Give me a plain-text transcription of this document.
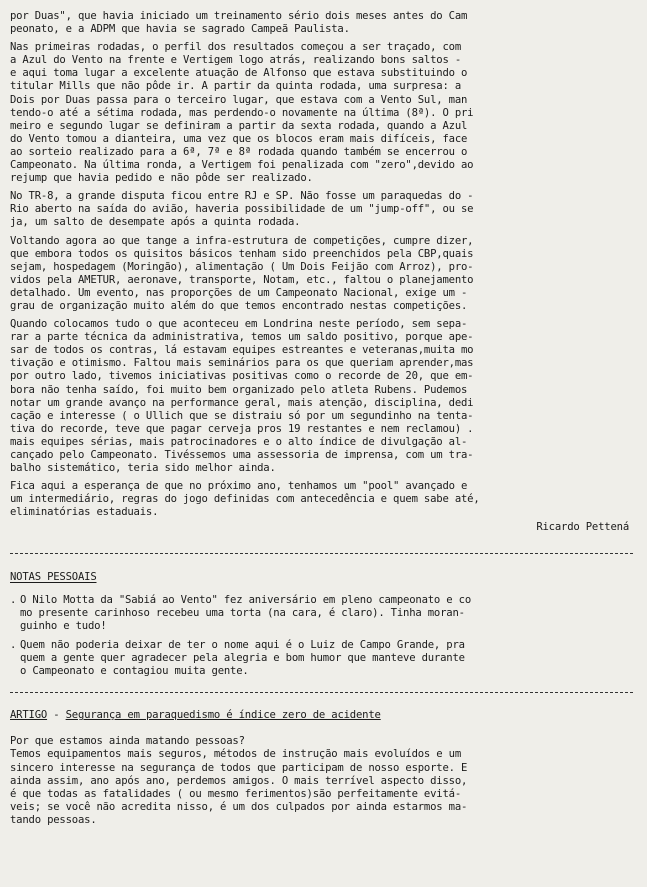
por Duas", que havia iniciado um treinamento sério dois meses antes do Cam
peonato, e a ADPM que havia se sagrado Campeã Paulista.

Nas primeiras rodadas, o perfil dos resultados começou a ser traçado, com
a Azul do Vento na frente e Vertigem logo atrás, realizando bons saltos -
e aqui toma lugar a excelente atuação de Alfonso que estava substituindo o
titular Mills que não pôde ir. A partir da quinta rodada, uma surpresa: a
Dois por Duas passa para o terceiro lugar, que estava com a Vento Sul, man
tendo-o até a sétima rodada, mas perdendo-o novamente na última (8ª). O pri
meiro e segundo lugar se definiram a partir da sexta rodada, quando a Azul
do Vento tomou a dianteira, uma vez que os blocos eram mais difíceis, face
ao sorteio realizado para a 6ª, 7ª e 8ª rodada quando também se encerrou o
Campeonato. Na última ronda, a Vertigem foi penalizada com "zero",devido ao
rejump que havia pedido e não pôde ser realizado.

No TR-8, a grande disputa ficou entre RJ e SP. Não fosse um paraquedas do -
Rio aberto na saída do avião, haveria possibilidade de um "jump-off", ou se
ja, um salto de desempate após a quinta rodada.

Voltando agora ao que tange a infra-estrutura de competições, cumpre dizer,
que embora todos os quisitos básicos tenham sido preenchidos pela CBP,quais
sejam, hospedagem (Moringão), alimentação ( Um Dois Feijão com Arroz), pro-
vidos pela AMETUR, aeronave, transporte, Notam, etc., faltou o planejamento
detalhado. Um evento, nas proporções de um Campeonato Nacional, exige um -
grau de organização muito além do que temos encontrado nestas competições.

Quando colocamos tudo o que aconteceu em Londrina neste período, sem sepa-
rar a parte técnica da administrativa, temos um saldo positivo, porque ape-
sar de todos os contras, lá estavam equipes estreantes e veteranas,muita mo
tivação e otimismo. Faltou mais seminários para os que queriam aprender,mas
por outro lado, tivemos iniciativas positivas como o recorde de 20, que em-
bora não tenha saído, foi muito bem organizado pelo atleta Rubens. Pudemos
notar um grande avanço na performance geral, mais atenção, disciplina, dedi
cação e interesse ( o Ullich que se distraiu só por um segundinho na tenta-
tiva do recorde, teve que pagar cerveja pros 19 restantes e nem reclamou) .
mais equipes sérias, mais patrocinadores e o alto índice de divulgação al-
cançado pelo Campeonato. Tivéssemos uma assessoria de imprensa, com um tra-
balho sistemático, teria sido melhor ainda.

Fica aqui a esperança de que no próximo ano, tenhamos um "pool" avançado e
um intermediário, regras do jogo definidas com antecedência e quem sabe até,
eliminatórias estaduais.

Ricardo Pettená
NOTAS PESSOAIS
. O Nilo Motta da "Sabiá ao Vento" fez aniversário em pleno campeonato e co
mo presente carinhoso recebeu uma torta (na cara, é claro). Tinha moran-
guinho e tudo!
. Quem não poderia deixar de ter o nome aqui é o Luiz de Campo Grande, pra
quem a gente quer agradecer pela alegria e bom humor que manteve durante
o Campeonato e contagiou muita gente.
ARTIGO - Segurança em paraquedismo é índice zero de acidente

Por que estamos ainda matando pessoas?
Temos equipamentos mais seguros, métodos de instrução mais evoluídos e um
sincero interesse na segurança de todos que participam de nosso esporte. E
ainda assim, ano após ano, perdemos amigos. O mais terrível aspecto disso,
é que todas as fatalidades ( ou mesmo ferimentos)são perfeitamente evitá-
veis; se você não acredita nisso, é um dos culpados por ainda estarmos ma-
tando pessoas.
